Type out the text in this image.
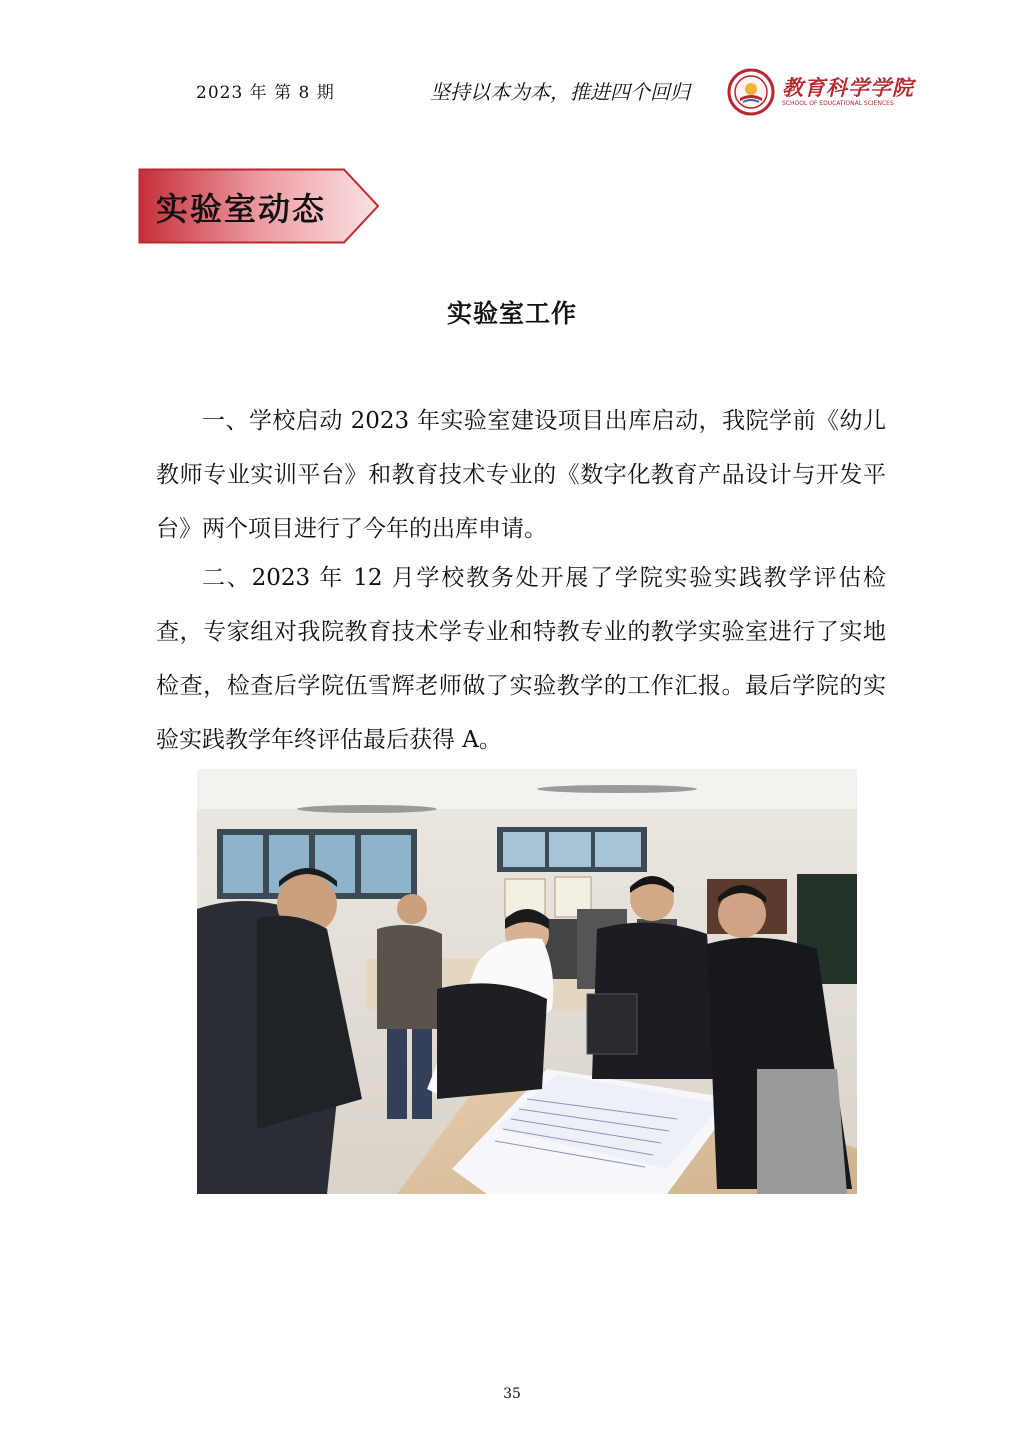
2023 年 第 8 期	坚持以本为本，推进四个回归	教育科学学院
SCHOOL OF EDUCATIONAL SCIENCES
实验室动态
实验室工作

一、学校启动 2023 年实验室建设项目出库启动，我院学前《幼儿教师专业实训平台》和教育技术专业的《数字化教育产品设计与开发平台》两个项目进行了今年的出库申请。

二、2023 年 12 月学校教务处开展了学院实验实践教学评估检查，专家组对我院教育技术学专业和特教专业的教学实验室进行了实地检查，检查后学院伍雪辉老师做了实验教学的工作汇报。最后学院的实验实践教学年终评估最后获得 A。

35
